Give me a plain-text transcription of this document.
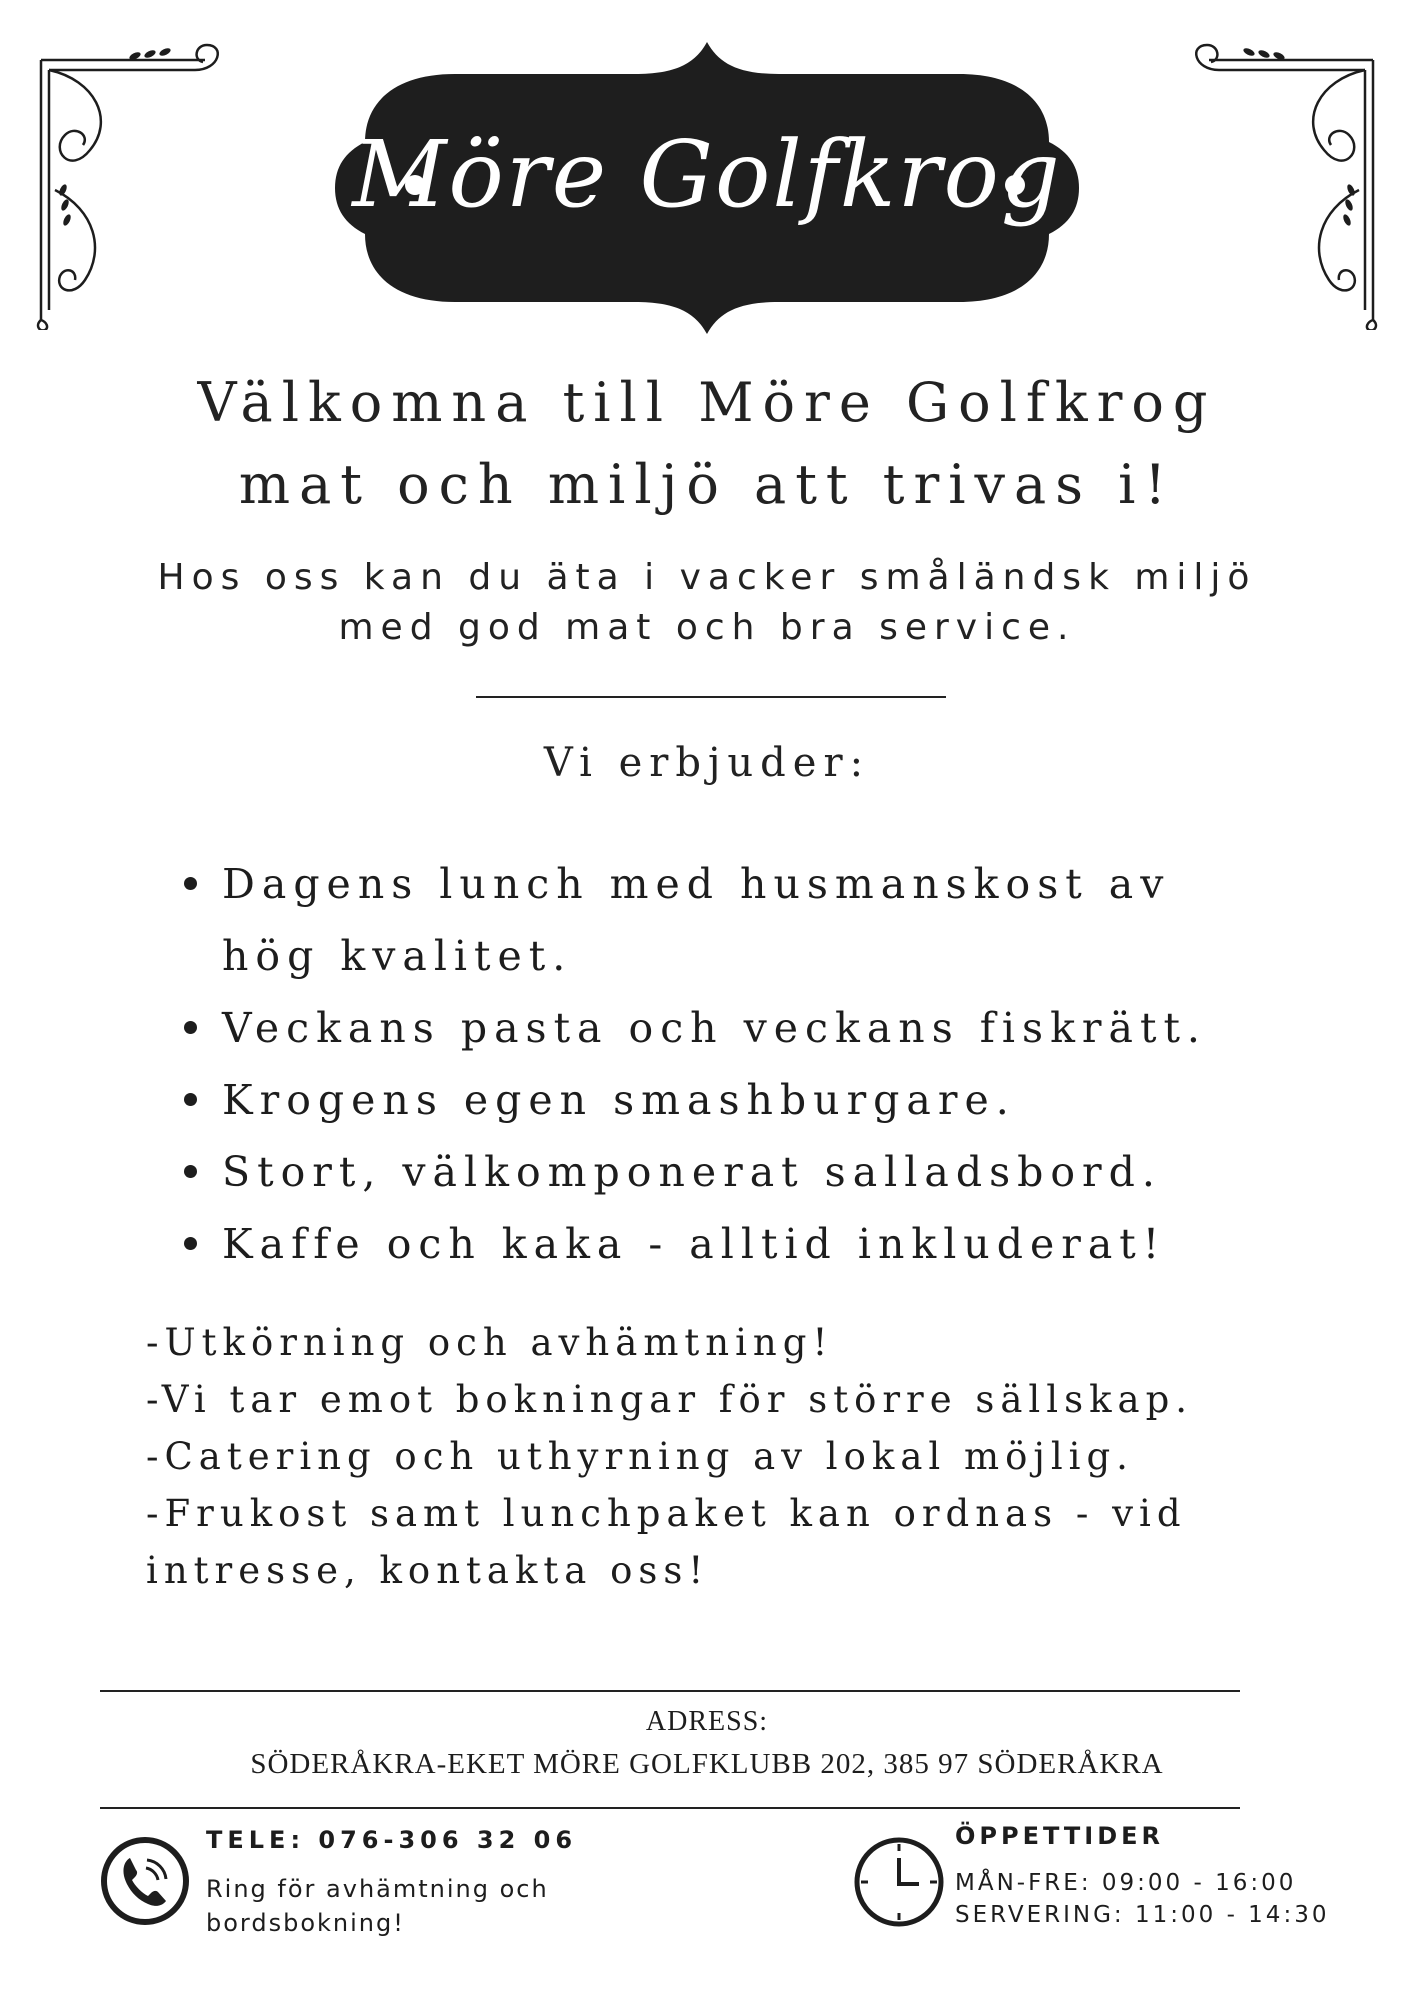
Möre Golfkrog
Välkomna till Möre Golfkrog
mat och miljö att trivas i!
Hos oss kan du äta i vacker småländsk miljö
med god mat och bra service.
Vi erbjuder:
Dagens lunch med husmanskost av hög kvalitet.
Veckans pasta och veckans fiskrätt.
Krogens egen smashburgare.
Stort, välkomponerat salladsbord.
Kaffe och kaka - alltid inkluderat!
-Utkörning och avhämtning!
-Vi tar emot bokningar för större sällskap.
-Catering och uthyrning av lokal möjlig.
-Frukost samt lunchpaket kan ordnas - vid intresse, kontakta oss!
ADRESS:
SÖDERÅKRA-EKET MÖRE GOLFKLUBB 202, 385 97 SÖDERÅKRA
TELE: 076-306 32 06
Ring för avhämtning och bordsbokning!
ÖPPETTIDER
MÅN-FRE: 09:00 - 16:00
SERVERING: 11:00 - 14:30
